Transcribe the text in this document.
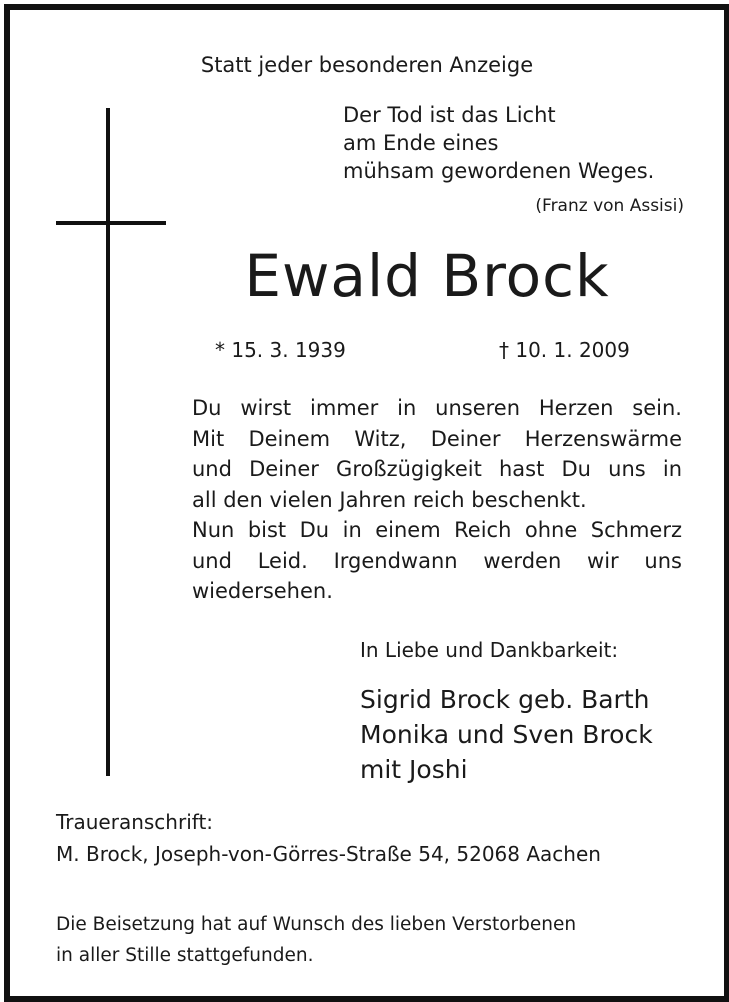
Statt jeder besonderen Anzeige
Der Tod ist das Licht
am Ende eines
mühsam gewordenen Weges.
(Franz von Assisi)
Ewald Brock
* 15. 3. 1939	† 10. 1. 2009
Du wirst immer in unseren Herzen sein.
Mit Deinem Witz, Deiner Herzenswärme
und Deiner Großzügigkeit hast Du uns in
all den vielen Jahren reich beschenkt.
Nun bist Du in einem Reich ohne Schmerz
und Leid. Irgendwann werden wir uns
wiedersehen.
In Liebe und Dankbarkeit:
Sigrid Brock geb. Barth
Monika und Sven Brock
mit Joshi
Traueranschrift:
M. Brock, Joseph-von-Görres-Straße 54, 52068 Aachen
Die Beisetzung hat auf Wunsch des lieben Verstorbenen
in aller Stille stattgefunden.
